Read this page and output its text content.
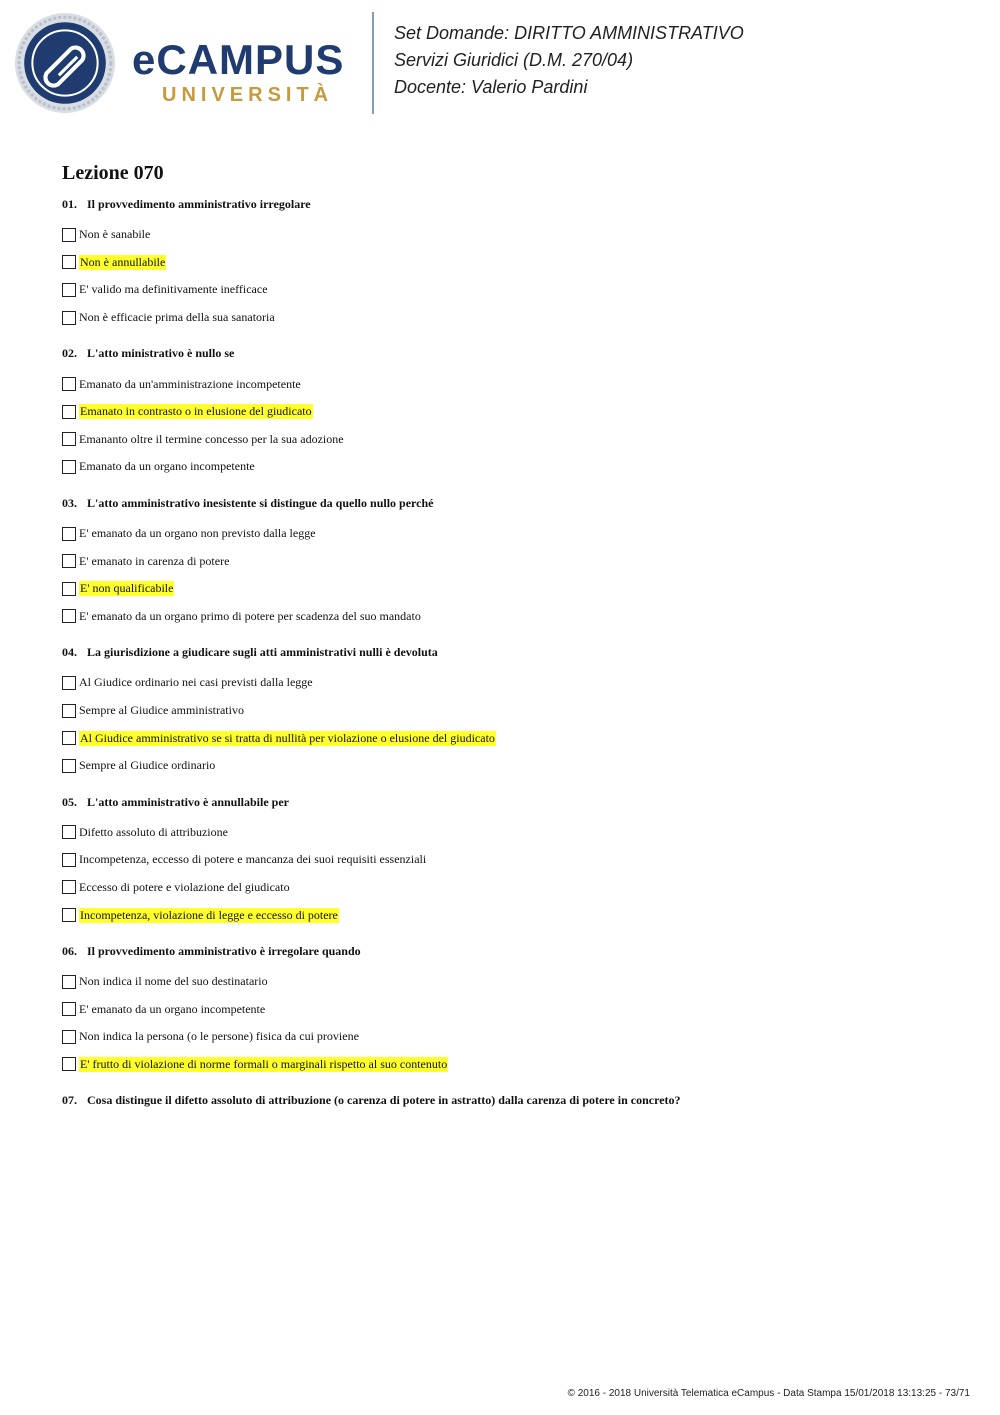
eCAMPUS
UNIVERSITÀ
Set Domande: DIRITTO AMMINISTRATIVO
Servizi Giuridici (D.M. 270/04)
Docente: Valerio Pardini
Lezione 070
01. Il provvedimento amministrativo irregolare
Non è sanabile
Non è annullabile
E' valido ma definitivamente inefficace
Non è efficacie prima della sua sanatoria
02. L'atto ministrativo è nullo se
Emanato da un'amministrazione incompetente
Emanato in contrasto o in elusione del giudicato
Emananto oltre il termine concesso per la sua adozione
Emanato da un organo incompetente
03. L'atto amministrativo inesistente si distingue da quello nullo perché
E' emanato da un organo non previsto dalla legge
E' emanato in carenza di potere
E' non qualificabile
E' emanato da un organo primo di potere per scadenza del suo mandato
04. La giurisdizione a giudicare sugli atti amministrativi nulli è devoluta
Al Giudice ordinario nei casi previsti dalla legge
Sempre al Giudice amministrativo
Al Giudice amministrativo se si tratta di nullità per violazione o elusione del giudicato
Sempre al Giudice ordinario
05. L'atto amministrativo è annullabile per
Difetto assoluto di attribuzione
Incompetenza, eccesso di potere e mancanza dei suoi requisiti essenziali
Eccesso di potere e violazione del giudicato
Incompetenza, violazione di legge e eccesso di potere
06. Il provvedimento amministrativo è irregolare quando
Non indica il nome del suo destinatario
E' emanato da un organo incompetente
Non indica la persona (o le persone) fisica da cui proviene
E' frutto di violazione di norme formali o marginali rispetto al suo contenuto
07. Cosa distingue il difetto assoluto di attribuzione (o carenza di potere in astratto) dalla carenza di potere in concreto?
© 2016 - 2018 Università Telematica eCampus - Data Stampa 15/01/2018 13:13:25 - 73/71
